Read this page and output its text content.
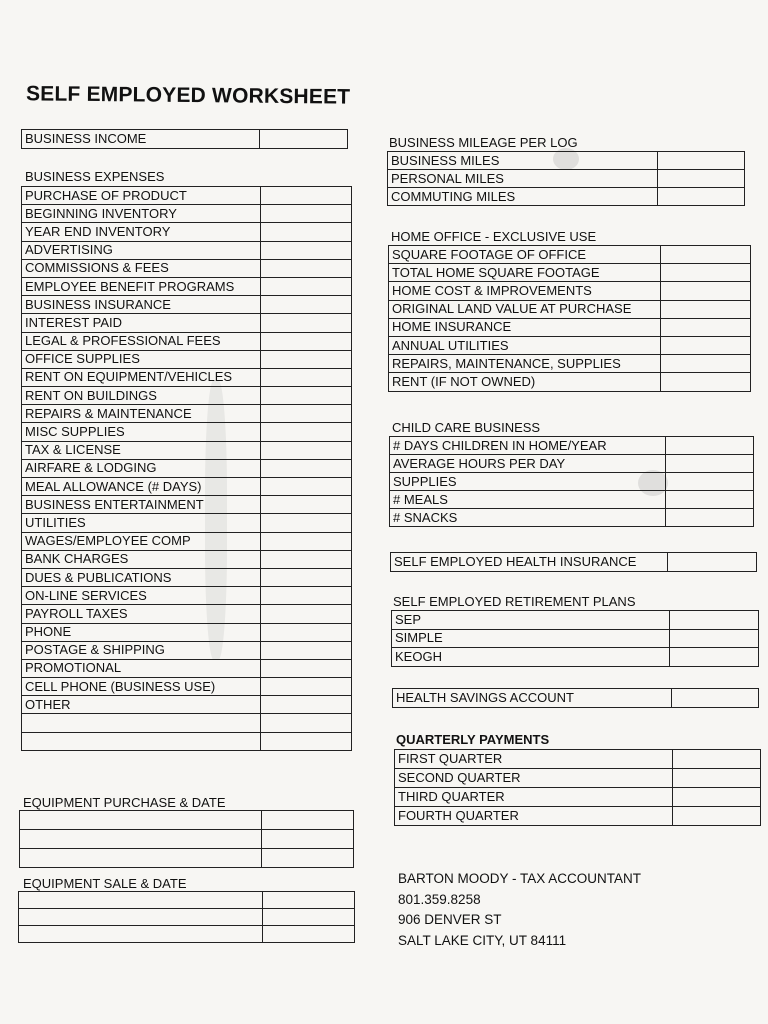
SELF EMPLOYED WORKSHEET
BUSINESS INCOME	
BUSINESS EXPENSES
PURCHASE OF PRODUCT	
BEGINNING INVENTORY	
YEAR END INVENTORY	
ADVERTISING	
COMMISSIONS & FEES	
EMPLOYEE BENEFIT PROGRAMS	
BUSINESS INSURANCE	
INTEREST PAID	
LEGAL & PROFESSIONAL FEES	
OFFICE SUPPLIES	
RENT ON EQUIPMENT/VEHICLES	
RENT ON BUILDINGS	
REPAIRS & MAINTENANCE	
MISC SUPPLIES	
TAX & LICENSE	
AIRFARE & LODGING	
MEAL ALLOWANCE (# DAYS)	
BUSINESS ENTERTAINMENT	
UTILITIES	
WAGES/EMPLOYEE COMP	
BANK CHARGES	
DUES & PUBLICATIONS	
ON-LINE SERVICES	
PAYROLL TAXES	
PHONE	
POSTAGE & SHIPPING	
PROMOTIONAL	
CELL PHONE (BUSINESS USE)	
OTHER	

EQUIPMENT PURCHASE & DATE

EQUIPMENT SALE & DATE

BUSINESS MILEAGE PER LOG
BUSINESS MILES	
PERSONAL MILES	
COMMUTING MILES	
HOME OFFICE - EXCLUSIVE USE
SQUARE FOOTAGE OF OFFICE	
TOTAL HOME SQUARE FOOTAGE	
HOME COST & IMPROVEMENTS	
ORIGINAL LAND VALUE AT PURCHASE	
HOME INSURANCE	
ANNUAL UTILITIES	
REPAIRS, MAINTENANCE, SUPPLIES	
RENT (IF NOT OWNED)	
CHILD CARE BUSINESS
# DAYS CHILDREN IN HOME/YEAR	
AVERAGE HOURS PER DAY	
SUPPLIES	
# MEALS	
# SNACKS	
SELF EMPLOYED HEALTH INSURANCE	
SELF EMPLOYED RETIREMENT PLANS
SEP	
SIMPLE	
KEOGH	
HEALTH SAVINGS ACCOUNT	
QUARTERLY PAYMENTS
FIRST QUARTER	
SECOND QUARTER	
THIRD QUARTER	
FOURTH QUARTER	
BARTON MOODY - TAX ACCOUNTANT
801.359.8258
906 DENVER ST
SALT LAKE CITY, UT 84111
